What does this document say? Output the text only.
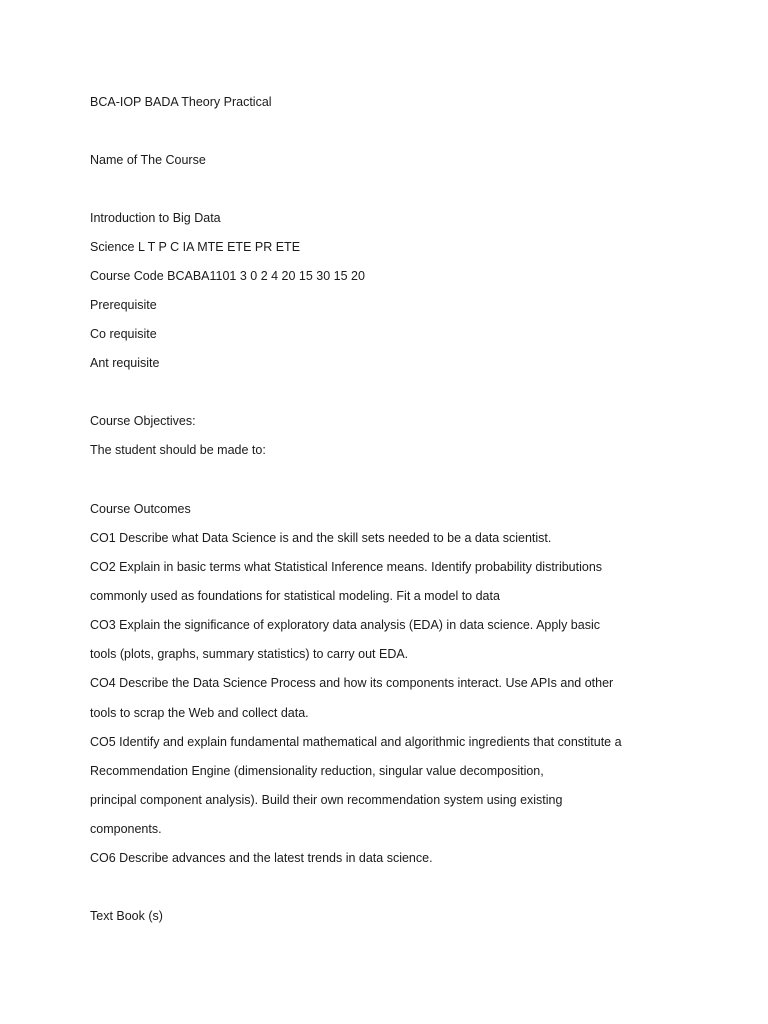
BCA-IOP BADA Theory Practical
Name of The Course
Introduction to Big Data
Science L T P C IA MTE ETE PR ETE
Course Code BCABA1101 3 0 2 4 20 15 30 15 20
Prerequisite
Co requisite
Ant requisite
Course Objectives:
The student should be made to:
Course Outcomes
CO1 Describe what Data Science is and the skill sets needed to be a data scientist.
CO2 Explain in basic terms what Statistical Inference means. Identify probability distributions
commonly used as foundations for statistical modeling. Fit a model to data
CO3 Explain the significance of exploratory data analysis (EDA) in data science. Apply basic
tools (plots, graphs, summary statistics) to carry out EDA.
CO4 Describe the Data Science Process and how its components interact. Use APIs and other
tools to scrap the Web and collect data.
CO5 Identify and explain fundamental mathematical and algorithmic ingredients that constitute a
Recommendation Engine (dimensionality reduction, singular value decomposition,
principal component analysis). Build their own recommendation system using existing
components.
CO6 Describe advances and the latest trends in data science.
Text Book (s)
